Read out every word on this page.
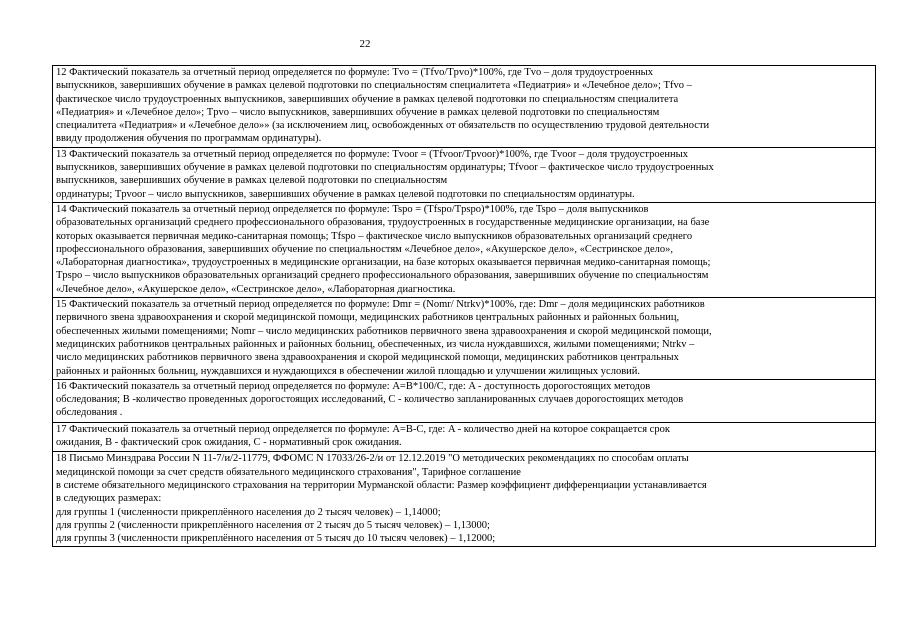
22
12 Фактический показатель за отчетный период определяется по формуле: Tvo = (Tfvo/Tpvo)*100%, где Tvo – доля трудоустроенных
выпускников, завершивших обучение в рамках целевой подготовки по специальностям специалитета «Педиатрия» и «Лечебное дело»; Tfvo –
фактическое число трудоустроенных выпускников, завершивших обучение в рамках целевой подготовки по специальностям специалитета
«Педиатрия» и «Лечебное дело»; Tpvo – число выпускников, завершивших обучение в рамках целевой подготовки по специальностям
специалитета «Педиатрия» и «Лечебное дело»» (за исключением лиц, освобожденных от обязательств по осуществлению трудовой деятельности
ввиду продолжения обучения по программам ординатуры).

13 Фактический показатель за отчетный период определяется по формуле: Tvoor = (Tfvoor/Tpvoor)*100%, где Tvoor – доля трудоустроенных
выпускников, завершивших обучение в рамках целевой подготовки по специальностям ординатуры; Tfvoor – фактическое число трудоустроенных
выпускников, завершивших обучение в рамках целевой подготовки по специальностям
ординатуры; Tpvoor – число выпускников, завершивших обучение в рамках целевой подготовки по специальностям ординатуры.

14 Фактический показатель за отчетный период определяется по формуле: Tspo = (Tfspo/Tpspo)*100%, где Tspo – доля выпускников
образовательных организаций среднего профессионального образования, трудоустроенных в государственные медицинские организации, на базе
которых оказывается первичная медико-санитарная помощь; Tfspo – фактическое число выпускников образовательных организаций среднего
профессионального образования, завершивших обучение по специальностям «Лечебное дело», «Акушерское дело», «Сестринское дело»,
«Лабораторная диагностика», трудоустроенных в медицинские организации, на базе которых оказывается первичная медико-санитарная помощь;
Tpspo – число выпускников образовательных организаций среднего профессионального образования, завершивших обучение по специальностям
«Лечебное дело», «Акушерское дело», «Сестринское дело», «Лабораторная диагностика.

15 Фактический показатель за отчетный период определяется по формуле: Dmr = (Nomr/ Ntrkv)*100%, где: Dmr – доля медицинских работников
первичного звена здравоохранения и скорой медицинской помощи, медицинских работников центральных районных и районных больниц,
обеспеченных жилыми помещениями; Nomr – число медицинских работников первичного звена здравоохранения и скорой медицинской помощи,
медицинских работников центральных районных и районных больниц, обеспеченных, из числа нуждавшихся, жилыми помещениями; Ntrkv –
число медицинских работников первичного звена здравоохранения и скорой медицинской помощи, медицинских работников центральных
районных и районных больниц, нуждавшихся и нуждающихся в обеспечении жилой площадью и улучшении жилищных условий.

16 Фактический показатель за отчетный период определяется по формуле: A=B*100/C, где: A - доступность дорогостоящих методов
обследования; B -количество проведенных дорогостоящих исследований, C - количество запланированных случаев дорогостоящих методов
обследования .

17 Фактический показатель за отчетный период определяется по формуле: A=B-C, где: A - количество дней на которое сокращается срок
ожидания, B - фактический срок ожидания, C - нормативный срок ожидания.

18 Письмо Минздрава России N 11-7/и/2-11779, ФФОМС N 17033/26-2/и от 12.12.2019 "О методических рекомендациях по способам оплаты
медицинской помощи за счет средств обязательного медицинского страхования", Тарифное соглашение
в системе обязательного медицинского страхования на территории Мурманской области: Размер коэффициент дифференциации устанавливается
в следующих размерах:
для группы 1 (численности прикреплённого населения до 2 тысяч человек) – 1,14000;
для группы 2 (численности прикреплённого населения от 2 тысяч до 5 тысяч человек) – 1,13000;
для группы 3 (численности прикреплённого населения от 5 тысяч до 10 тысяч человек) – 1,12000;
